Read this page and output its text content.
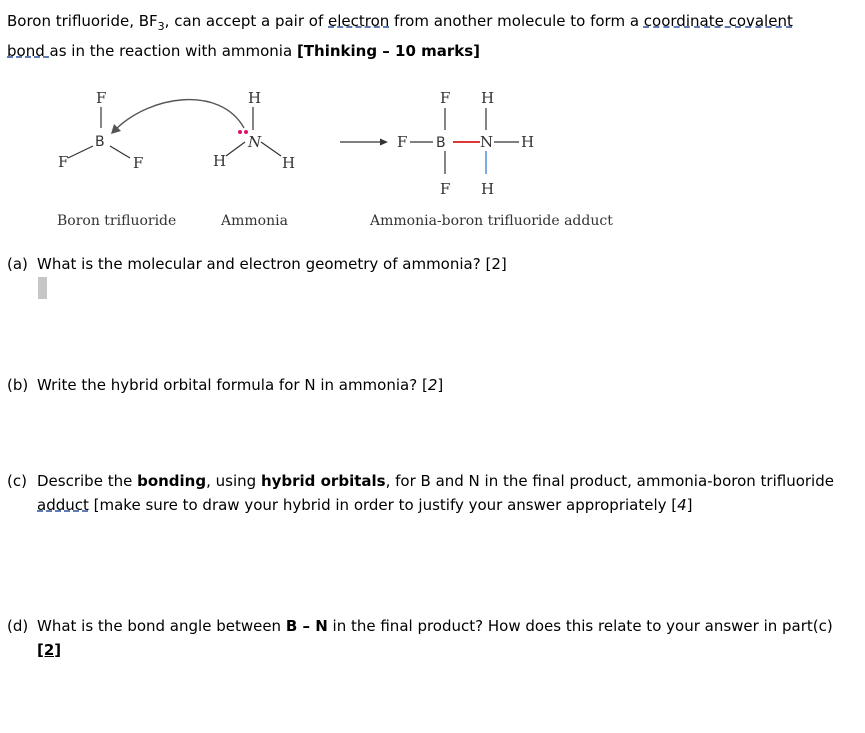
Boron trifluoride, $BF_3$, can accept a pair of electron from another molecule to form a coordinate covalent
bond as in the reaction with ammonia [Thinking – 10 marks]
F
B
F	F
H
N
H	H
F
F B N H
F
H
H
Boron trifluoride	Ammonia	Ammonia-boron trifluoride adduct
(a) What is the molecular and electron geometry of ammonia? [2]
(b) Write the hybrid orbital formula for N in ammonia? [2]
(c) Describe the bonding, using hybrid orbitals, for B and N in the final product, ammonia-boron trifluoride
adduct [make sure to draw your hybrid in order to justify your answer appropriately [4]
(d) What is the bond angle between B – N in the final product? How does this relate to your answer in part(c)
[2]
